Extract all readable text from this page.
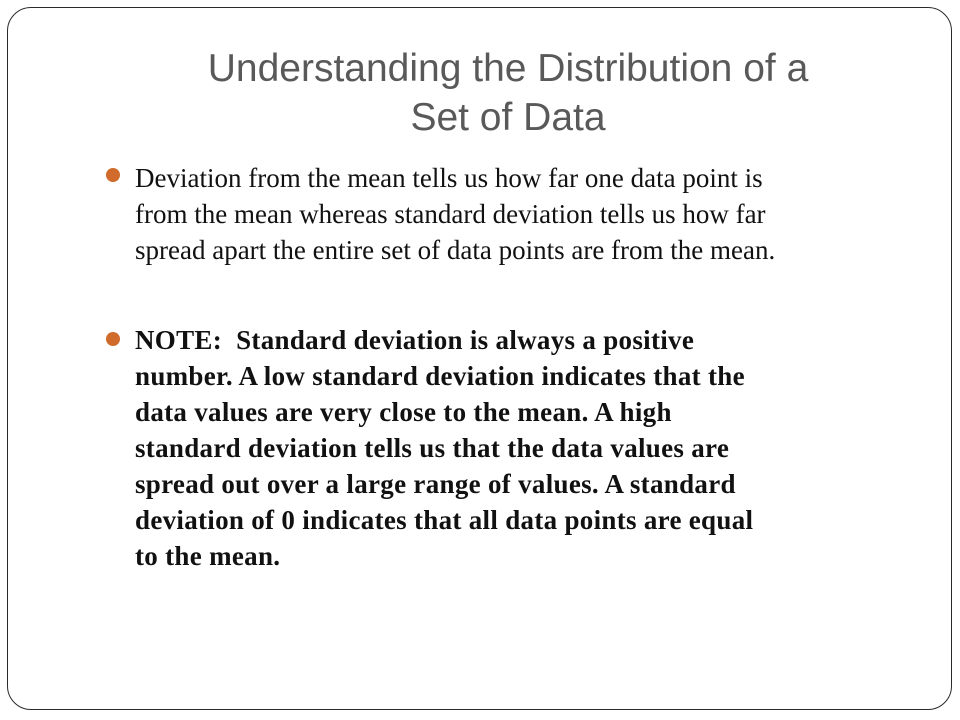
Understanding the Distribution of a
Set of Data
Deviation from the mean tells us how far one data point is
from the mean whereas standard deviation tells us how far
spread apart the entire set of data points are from the mean.
NOTE:  Standard deviation is always a positive
number. A low standard deviation indicates that the
data values are very close to the mean. A high
standard deviation tells us that the data values are
spread out over a large range of values. A standard
deviation of 0 indicates that all data points are equal
to the mean.
